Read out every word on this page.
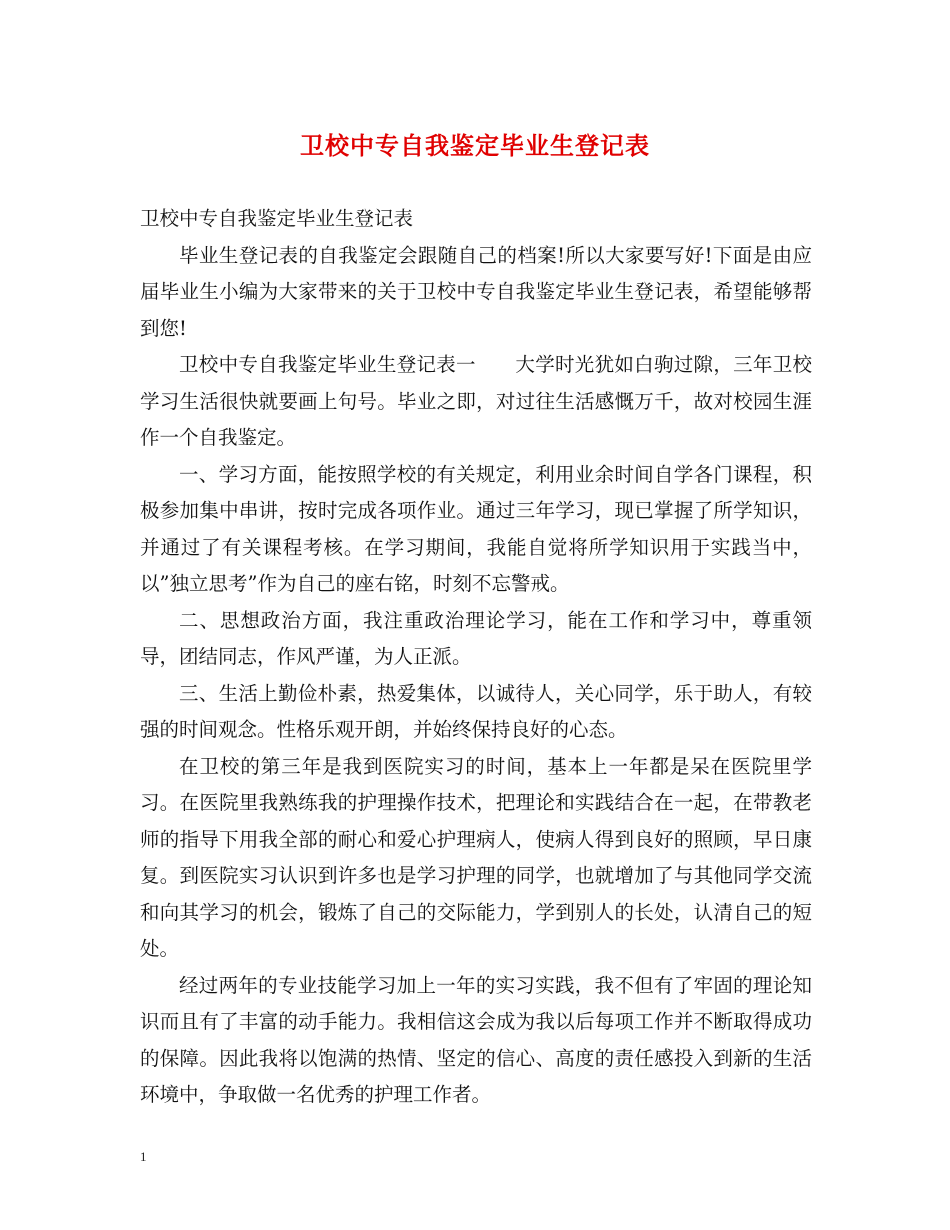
卫校中专自我鉴定毕业生登记表

卫校中专自我鉴定毕业生登记表

毕业生登记表的自我鉴定会跟随自己的档案!所以大家要写好!下面是由应届毕业生小编为大家带来的关于卫校中专自我鉴定毕业生登记表，希望能够帮到您!

卫校中专自我鉴定毕业生登记表一　　大学时光犹如白驹过隙，三年卫校学习生活很快就要画上句号。毕业之即，对过往生活感慨万千，故对校园生涯作一个自我鉴定。

一、学习方面，能按照学校的有关规定，利用业余时间自学各门课程，积极参加集中串讲，按时完成各项作业。通过三年学习，现已掌握了所学知识，并通过了有关课程考核。在学习期间，我能自觉将所学知识用于实践当中，以”独立思考”作为自己的座右铭，时刻不忘警戒。

二、思想政治方面，我注重政治理论学习，能在工作和学习中，尊重领导，团结同志，作风严谨，为人正派。

三、生活上勤俭朴素，热爱集体，以诚待人，关心同学，乐于助人，有较强的时间观念。性格乐观开朗，并始终保持良好的心态。

在卫校的第三年是我到医院实习的时间，基本上一年都是呆在医院里学习。在医院里我熟练我的护理操作技术，把理论和实践结合在一起，在带教老师的指导下用我全部的耐心和爱心护理病人，使病人得到良好的照顾，早日康复。到医院实习认识到许多也是学习护理的同学，也就增加了与其他同学交流和向其学习的机会，锻炼了自己的交际能力，学到别人的长处，认清自己的短处。

经过两年的专业技能学习加上一年的实习实践，我不但有了牢固的理论知识而且有了丰富的动手能力。我相信这会成为我以后每项工作并不断取得成功的保障。因此我将以饱满的热情、坚定的信心、高度的责任感投入到新的生活环境中，争取做一名优秀的护理工作者。

1
